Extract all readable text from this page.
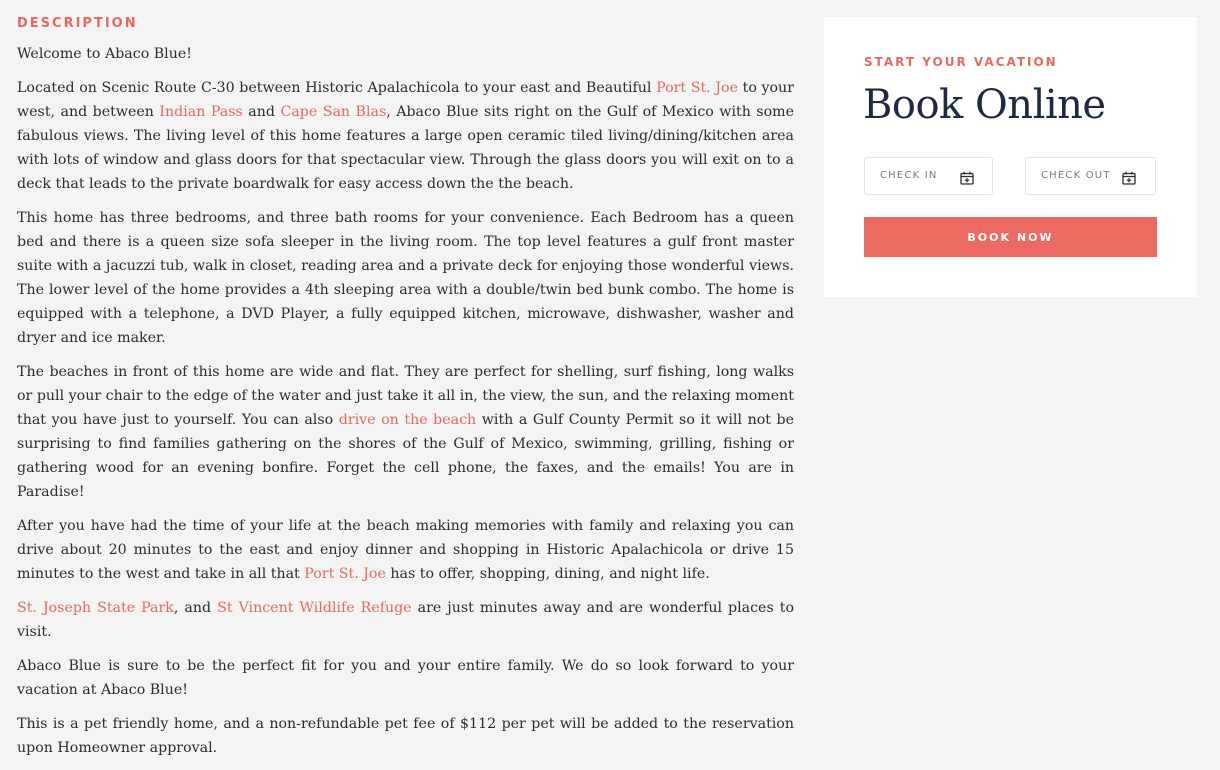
DESCRIPTION

Welcome to Abaco Blue!

Located on Scenic Route C-30 between Historic Apalachicola to your east and Beautiful Port St. Joe to your west, and between Indian Pass and Cape San Blas, Abaco Blue sits right on the Gulf of Mexico with some fabulous views. The living level of this home features a large open ceramic tiled living/dining/kitchen area with lots of window and glass doors for that spectacular view. Through the glass doors you will exit on to a deck that leads to the private boardwalk for easy access down the the beach.

This home has three bedrooms, and three bath rooms for your convenience. Each Bedroom has a queen bed and there is a queen size sofa sleeper in the living room. The top level features a gulf front master suite with a jacuzzi tub, walk in closet, reading area and a private deck for enjoying those wonderful views. The lower level of the home provides a 4th sleeping area with a double/twin bed bunk combo. The home is equipped with a telephone, a DVD Player, a fully equipped kitchen, microwave, dishwasher, washer and dryer and ice maker.

The beaches in front of this home are wide and flat. They are perfect for shelling, surf fishing, long walks or pull your chair to the edge of the water and just take it all in, the view, the sun, and the relaxing moment that you have just to yourself. You can also drive on the beach with a Gulf County Permit so it will not be surprising to find families gathering on the shores of the Gulf of Mexico, swimming, grilling, fishing or gathering wood for an evening bonfire. Forget the cell phone, the faxes, and the emails! You are in Paradise!

After you have had the time of your life at the beach making memories with family and relaxing you can drive about 20 minutes to the east and enjoy dinner and shopping in Historic Apalachicola or drive 15 minutes to the west and take in all that Port St. Joe has to offer, shopping, dining, and night life.

St. Joseph State Park, and St Vincent Wildlife Refuge are just minutes away and are wonderful places to visit.

Abaco Blue is sure to be the perfect fit for you and your entire family. We do so look forward to your vacation at Abaco Blue!

This is a pet friendly home, and a non-refundable pet fee of $112 per pet will be added to the reservation upon Homeowner approval.

START YOUR VACATION
Book Online
CHECK IN	CHECK OUT
BOOK NOW
